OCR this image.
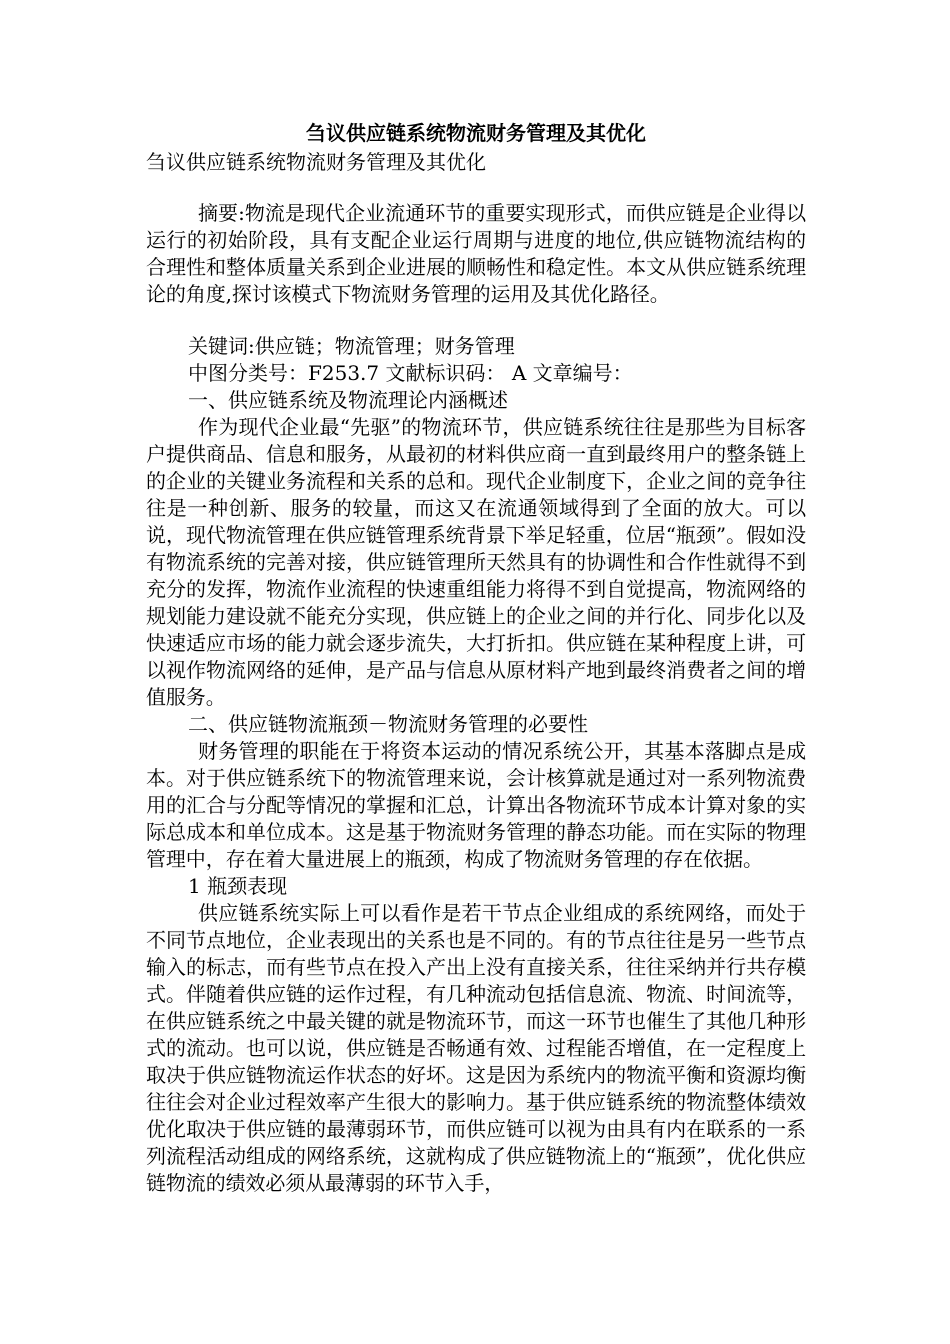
刍议供应链系统物流财务管理及其优化

刍议供应链系统物流财务管理及其优化

摘要:物流是现代企业流通环节的重要实现形式，而供应链是企业得以运行的初始阶段，具有支配企业运行周期与进度的地位,供应链物流结构的合理性和整体质量关系到企业进展的顺畅性和稳定性。本文从供应链系统理论的角度,探讨该模式下物流财务管理的运用及其优化路径。

关键词:供应链；物流管理；财务管理

中图分类号：F253.7 文献标识码： A 文章编号：

一、供应链系统及物流理论内涵概述

作为现代企业最“先驱”的物流环节，供应链系统往往是那些为目标客户提供商品、信息和服务，从最初的材料供应商一直到最终用户的整条链上的企业的关键业务流程和关系的总和。现代企业制度下，企业之间的竞争往往是一种创新、服务的较量，而这又在流通领域得到了全面的放大。可以说，现代物流管理在供应链管理系统背景下举足轻重，位居“瓶颈”。假如没有物流系统的完善对接，供应链管理所天然具有的协调性和合作性就得不到充分的发挥，物流作业流程的快速重组能力将得不到自觉提高，物流网络的规划能力建设就不能充分实现，供应链上的企业之间的并行化、同步化以及快速适应市场的能力就会逐步流失，大打折扣。供应链在某种程度上讲，可以视作物流网络的延伸，是产品与信息从原材料产地到最终消费者之间的增值服务。

二、供应链物流瓶颈－物流财务管理的必要性

财务管理的职能在于将资本运动的情况系统公开，其基本落脚点是成本。对于供应链系统下的物流管理来说，会计核算就是通过对一系列物流费用的汇合与分配等情况的掌握和汇总，计算出各物流环节成本计算对象的实际总成本和单位成本。这是基于物流财务管理的静态功能。而在实际的物理管理中，存在着大量进展上的瓶颈，构成了物流财务管理的存在依据。

1 瓶颈表现

供应链系统实际上可以看作是若干节点企业组成的系统网络，而处于不同节点地位，企业表现出的关系也是不同的。有的节点往往是另一些节点输入的标志，而有些节点在投入产出上没有直接关系，往往采纳并行共存模式。伴随着供应链的运作过程，有几种流动包括信息流、物流、时间流等，在供应链系统之中最关键的就是物流环节，而这一环节也催生了其他几种形式的流动。也可以说，供应链是否畅通有效、过程能否增值，在一定程度上取决于供应链物流运作状态的好坏。这是因为系统内的物流平衡和资源均衡往往会对企业过程效率产生很大的影响力。基于供应链系统的物流整体绩效优化取决于供应链的最薄弱环节，而供应链可以视为由具有内在联系的一系列流程活动组成的网络系统，这就构成了供应链物流上的“瓶颈”，优化供应链物流的绩效必须从最薄弱的环节入手，
